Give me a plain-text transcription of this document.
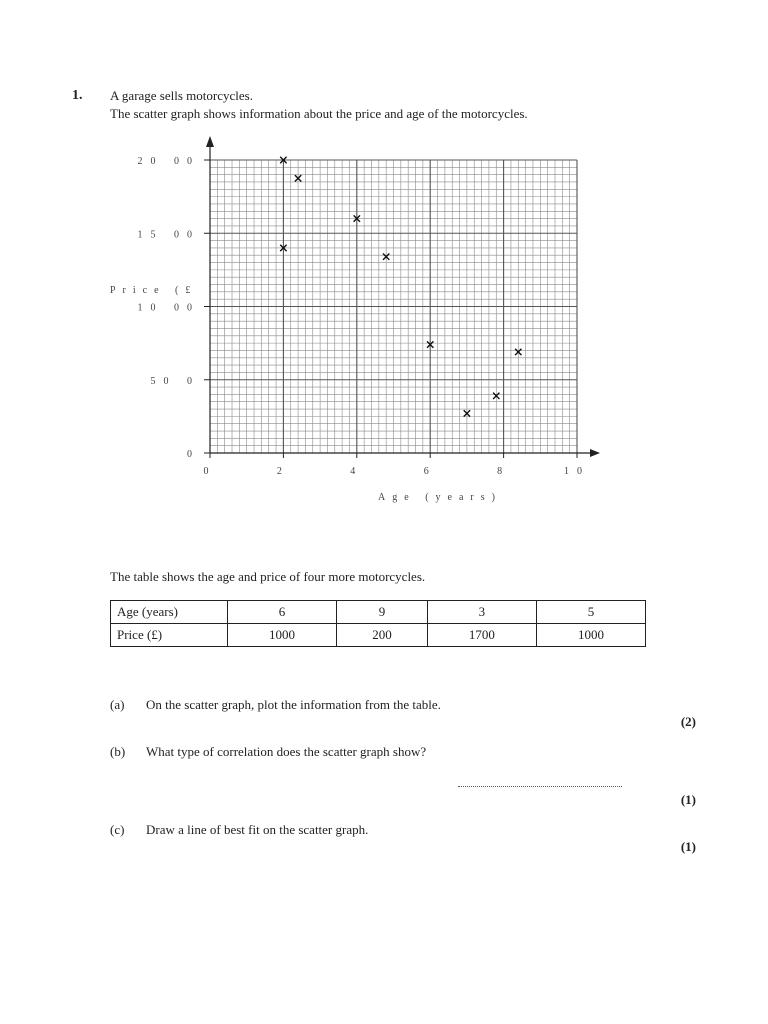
1. A garage sells motorcycles.
The scatter graph shows information about the price and age of the motorcycles.
0	2	4	6	8	10
0
50 0
10 00
15 00
20 00
Price (£
Age (years)
The table shows the age and price of four more motorcycles.
Age (years)	6	9	3	5
Price (£)	1000	200	1700	1000
(a) On the scatter graph, plot the information from the table.
(2)
(b) What type of correlation does the scatter graph show?
(1)
(c) Draw a line of best fit on the scatter graph.
(1)
